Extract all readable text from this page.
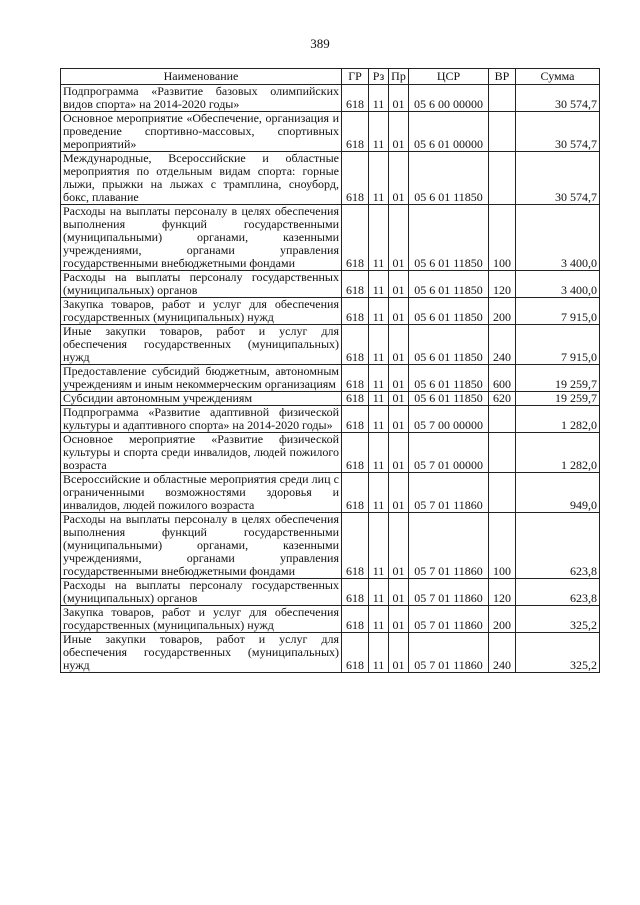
389
Наименование	ГР	Рз	Пр	ЦСР	ВР	Сумма
Подпрограмма «Развитие базовых олимпийских видов спорта» на 2014-2020 годы»	618	11	01	05 6 00 00000		30 574,7
Основное мероприятие «Обеспечение, организация и проведение спортивно-массовых, спортивных мероприятий»	618	11	01	05 6 01 00000		30 574,7
Международные, Всероссийские и областные мероприятия по отдельным видам спорта: горные лыжи, прыжки на лыжах с трамплина, сноуборд, бокс, плавание	618	11	01	05 6 01 11850		30 574,7
Расходы на выплаты персоналу в целях обеспечения выполнения функций государственными (муниципальными) органами, казенными учреждениями, органами управления государственными внебюджетными фондами	618	11	01	05 6 01 11850	100	3 400,0
Расходы на выплаты персоналу государственных (муниципальных) органов	618	11	01	05 6 01 11850	120	3 400,0
Закупка товаров, работ и услуг для обеспечения государственных (муниципальных) нужд	618	11	01	05 6 01 11850	200	7 915,0
Иные закупки товаров, работ и услуг для обеспечения государственных (муниципальных) нужд	618	11	01	05 6 01 11850	240	7 915,0
Предоставление субсидий бюджетным, автономным учреждениям и иным некоммерческим организациям	618	11	01	05 6 01 11850	600	19 259,7
Субсидии автономным учреждениям	618	11	01	05 6 01 11850	620	19 259,7
Подпрограмма «Развитие адаптивной физической культуры и адаптивного спорта» на 2014-2020 годы»	618	11	01	05 7 00 00000		1 282,0
Основное мероприятие «Развитие физической культуры и спорта среди инвалидов, людей пожилого возраста	618	11	01	05 7 01 00000		1 282,0
Всероссийские и областные мероприятия среди лиц с ограниченными возможностями здоровья и инвалидов, людей пожилого возраста	618	11	01	05 7 01 11860		949,0
Расходы на выплаты персоналу в целях обеспечения выполнения функций государственными (муниципальными) органами, казенными учреждениями, органами управления государственными внебюджетными фондами	618	11	01	05 7 01 11860	100	623,8
Расходы на выплаты персоналу государственных (муниципальных) органов	618	11	01	05 7 01 11860	120	623,8
Закупка товаров, работ и услуг для обеспечения государственных (муниципальных) нужд	618	11	01	05 7 01 11860	200	325,2
Иные закупки товаров, работ и услуг для обеспечения государственных (муниципальных) нужд	618	11	01	05 7 01 11860	240	325,2
